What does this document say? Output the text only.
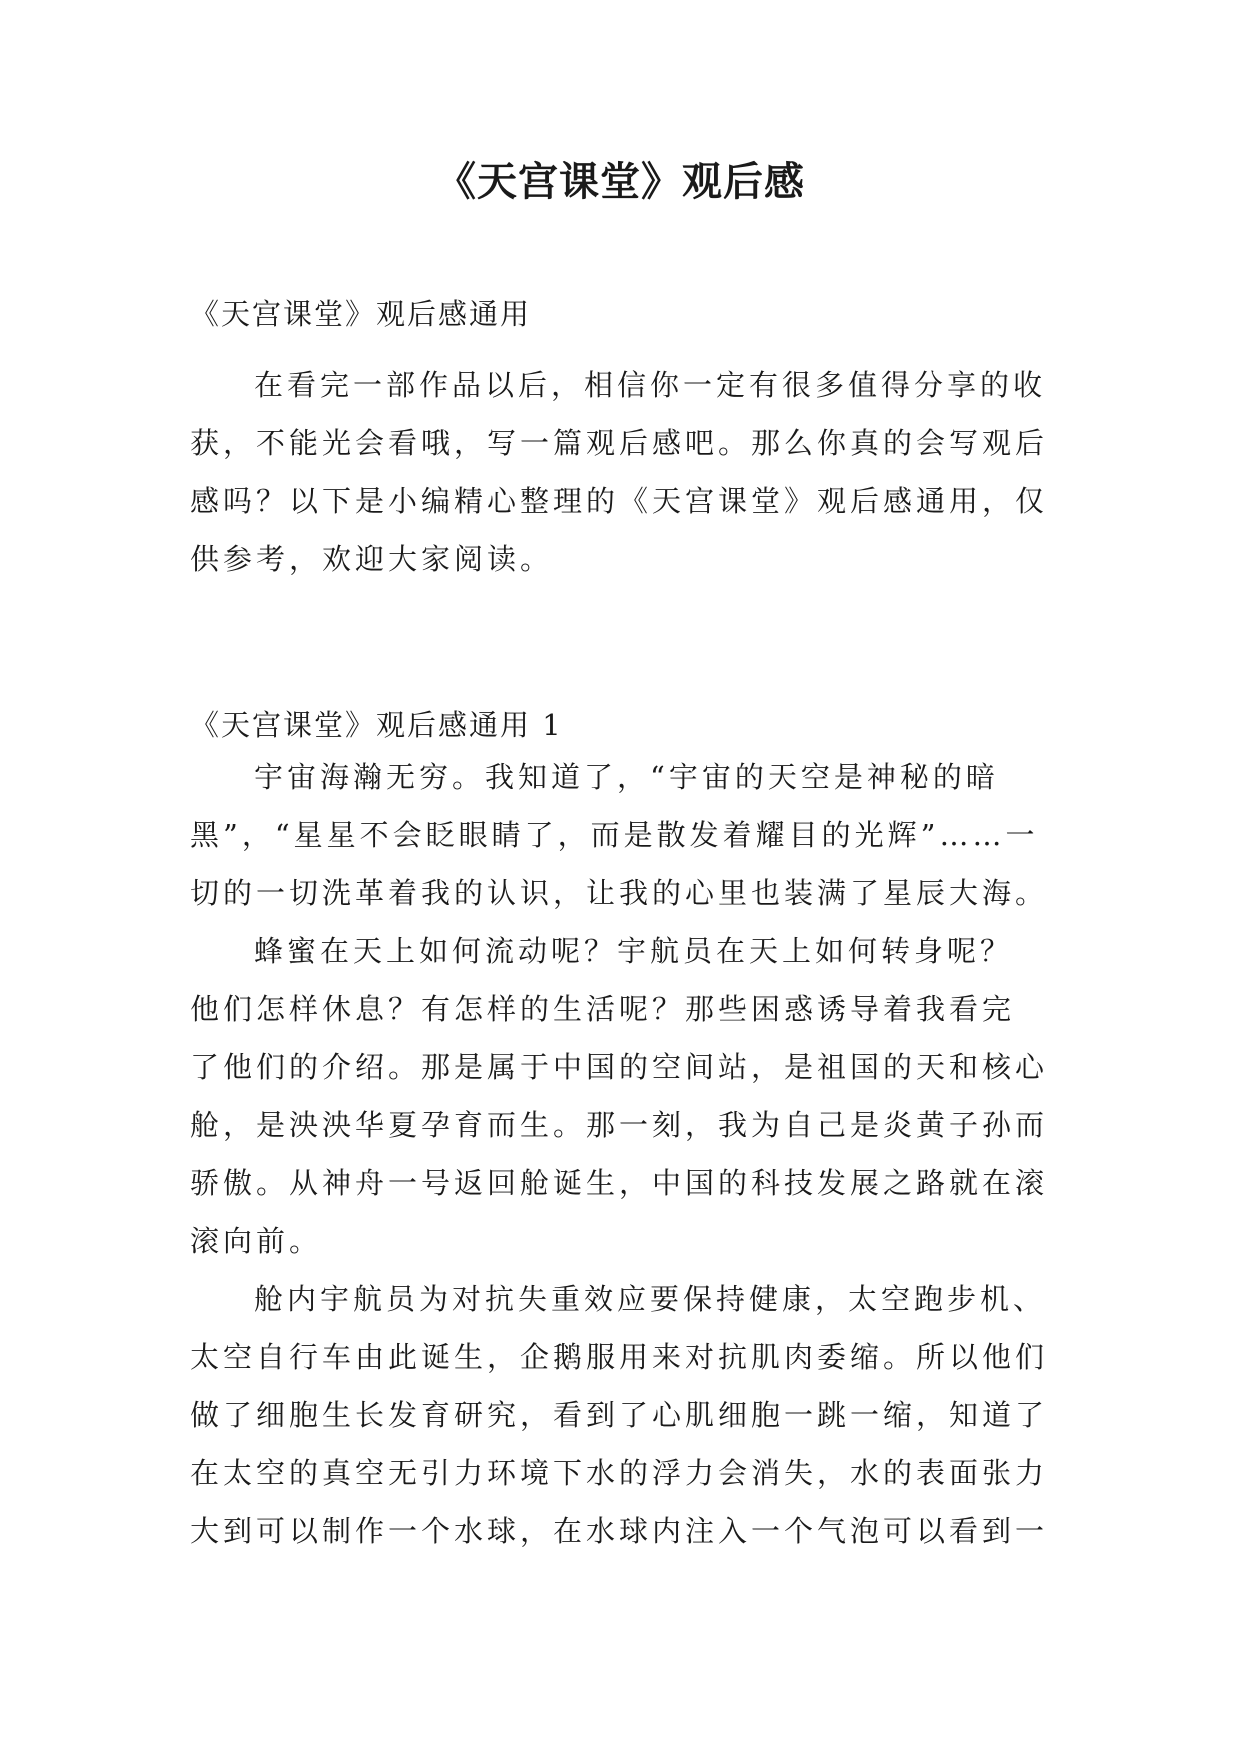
《天宫课堂》观后感

《天宫课堂》观后感通用

在看完一部作品以后，相信你一定有很多值得分享的收
获，不能光会看哦，写一篇观后感吧。那么你真的会写观后
感吗？以下是小编精心整理的《天宫课堂》观后感通用，仅
供参考，欢迎大家阅读。

《天宫课堂》观后感通用 1

宇宙海瀚无穷。我知道了，“宇宙的天空是神秘的暗
黑”，“星星不会眨眼睛了，而是散发着耀目的光辉”……一
切的一切洗革着我的认识，让我的心里也装满了星辰大海。
蜂蜜在天上如何流动呢？宇航员在天上如何转身呢？
他们怎样休息？有怎样的生活呢？那些困惑诱导着我看完
了他们的介绍。那是属于中国的空间站，是祖国的天和核心
舱，是泱泱华夏孕育而生。那一刻，我为自己是炎黄子孙而
骄傲。从神舟一号返回舱诞生，中国的科技发展之路就在滚
滚向前。
舱内宇航员为对抗失重效应要保持健康，太空跑步机、
太空自行车由此诞生，企鹅服用来对抗肌肉委缩。所以他们
做了细胞生长发育研究，看到了心肌细胞一跳一缩，知道了
在太空的真空无引力环境下水的浮力会消失，水的表面张力
大到可以制作一个水球，在水球内注入一个气泡可以看到一
